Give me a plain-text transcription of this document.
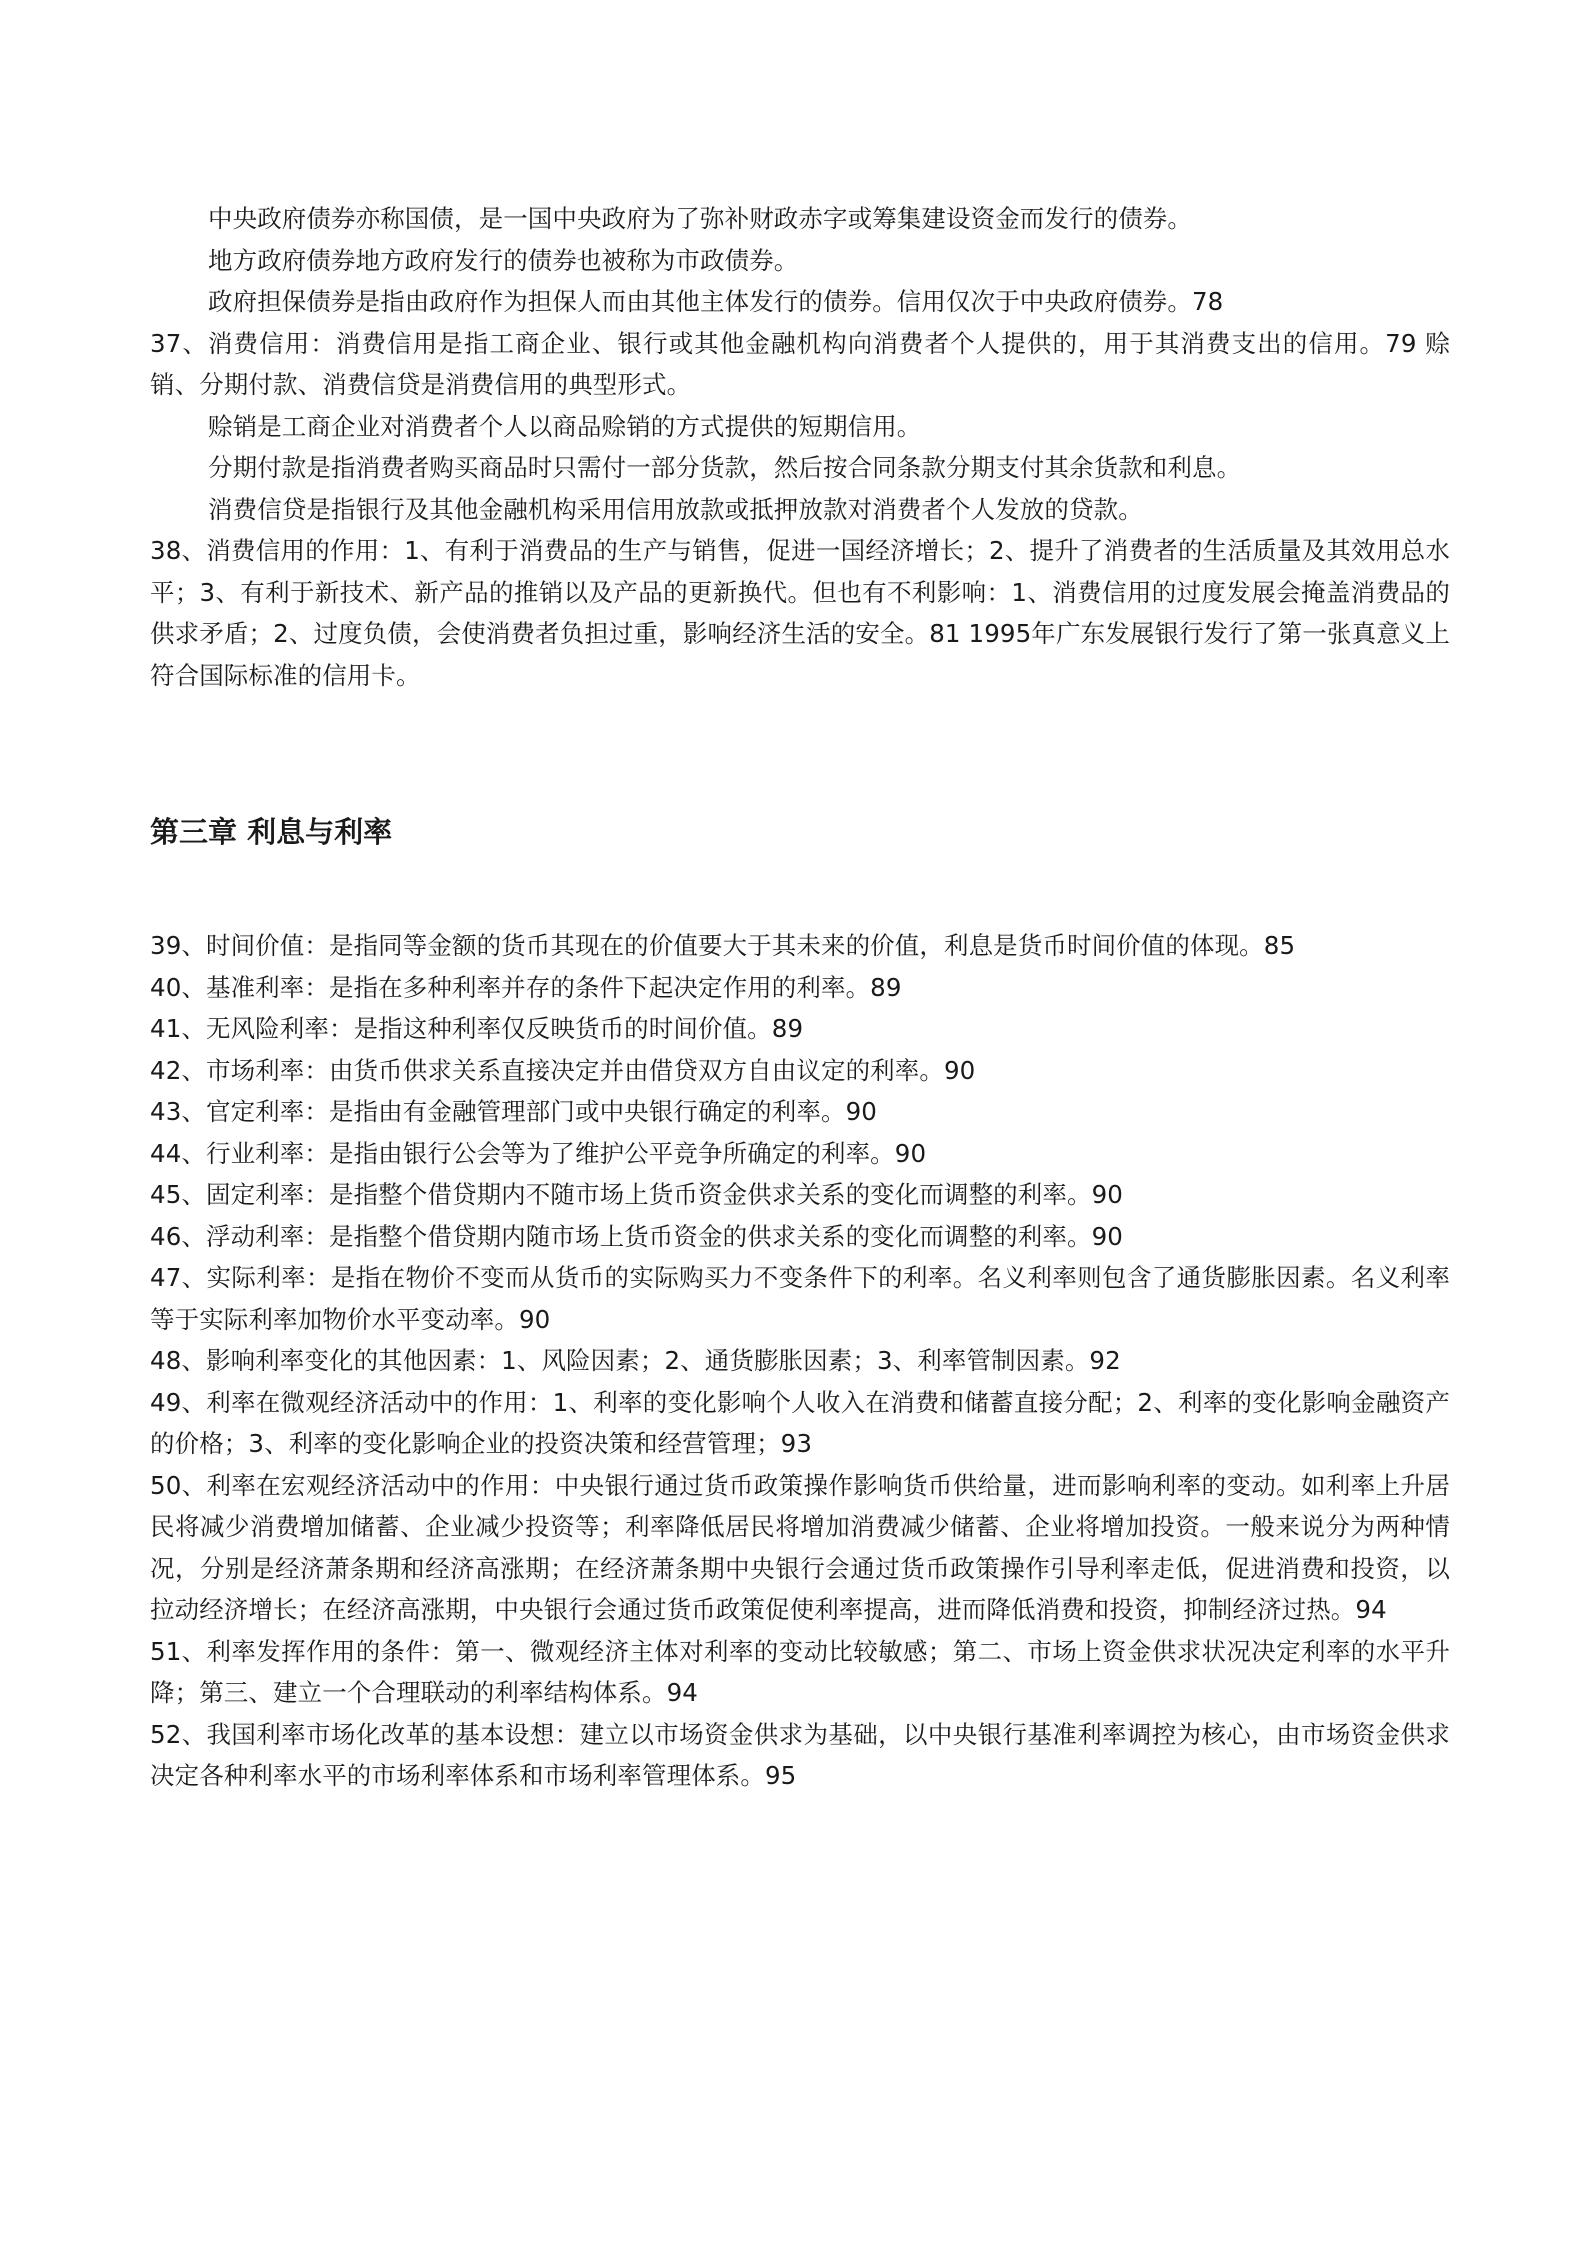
中央政府债券亦称国债，是一国中央政府为了弥补财政赤字或筹集建设资金而发行的债券。

地方政府债券地方政府发行的债券也被称为市政债券。

政府担保债券是指由政府作为担保人而由其他主体发行的债券。信用仅次于中央政府债券。78

37、消费信用：消费信用是指工商企业、银行或其他金融机构向消费者个人提供的，用于其消费支出的信用。79 赊销、分期付款、消费信贷是消费信用的典型形式。

赊销是工商企业对消费者个人以商品赊销的方式提供的短期信用。

分期付款是指消费者购买商品时只需付一部分货款，然后按合同条款分期支付其余货款和利息。

消费信贷是指银行及其他金融机构采用信用放款或抵押放款对消费者个人发放的贷款。

38、消费信用的作用：1、有利于消费品的生产与销售，促进一国经济增长；2、提升了消费者的生活质量及其效用总水平；3、有利于新技术、新产品的推销以及产品的更新换代。但也有不利影响：1、消费信用的过度发展会掩盖消费品的供求矛盾；2、过度负债，会使消费者负担过重，影响经济生活的安全。81 1995年广东发展银行发行了第一张真意义上符合国际标准的信用卡。

第三章 利息与利率

39、时间价值：是指同等金额的货币其现在的价值要大于其未来的价值，利息是货币时间价值的体现。85

40、基准利率：是指在多种利率并存的条件下起决定作用的利率。89

41、无风险利率：是指这种利率仅反映货币的时间价值。89

42、市场利率：由货币供求关系直接决定并由借贷双方自由议定的利率。90

43、官定利率：是指由有金融管理部门或中央银行确定的利率。90

44、行业利率：是指由银行公会等为了维护公平竞争所确定的利率。90

45、固定利率：是指整个借贷期内不随市场上货币资金供求关系的变化而调整的利率。90

46、浮动利率：是指整个借贷期内随市场上货币资金的供求关系的变化而调整的利率。90

47、实际利率：是指在物价不变而从货币的实际购买力不变条件下的利率。名义利率则包含了通货膨胀因素。名义利率等于实际利率加物价水平变动率。90

48、影响利率变化的其他因素：1、风险因素；2、通货膨胀因素；3、利率管制因素。92

49、利率在微观经济活动中的作用：1、利率的变化影响个人收入在消费和储蓄直接分配；2、利率的变化影响金融资产的价格；3、利率的变化影响企业的投资决策和经营管理；93

50、利率在宏观经济活动中的作用：中央银行通过货币政策操作影响货币供给量，进而影响利率的变动。如利率上升居民将减少消费增加储蓄、企业减少投资等；利率降低居民将增加消费减少储蓄、企业将增加投资。一般来说分为两种情况，分别是经济萧条期和经济高涨期；在经济萧条期中央银行会通过货币政策操作引导利率走低，促进消费和投资，以拉动经济增长；在经济高涨期，中央银行会通过货币政策促使利率提高，进而降低消费和投资，抑制经济过热。94

51、利率发挥作用的条件：第一、微观经济主体对利率的变动比较敏感；第二、市场上资金供求状况决定利率的水平升降；第三、建立一个合理联动的利率结构体系。94

52、我国利率市场化改革的基本设想：建立以市场资金供求为基础，以中央银行基准利率调控为核心，由市场资金供求决定各种利率水平的市场利率体系和市场利率管理体系。95
